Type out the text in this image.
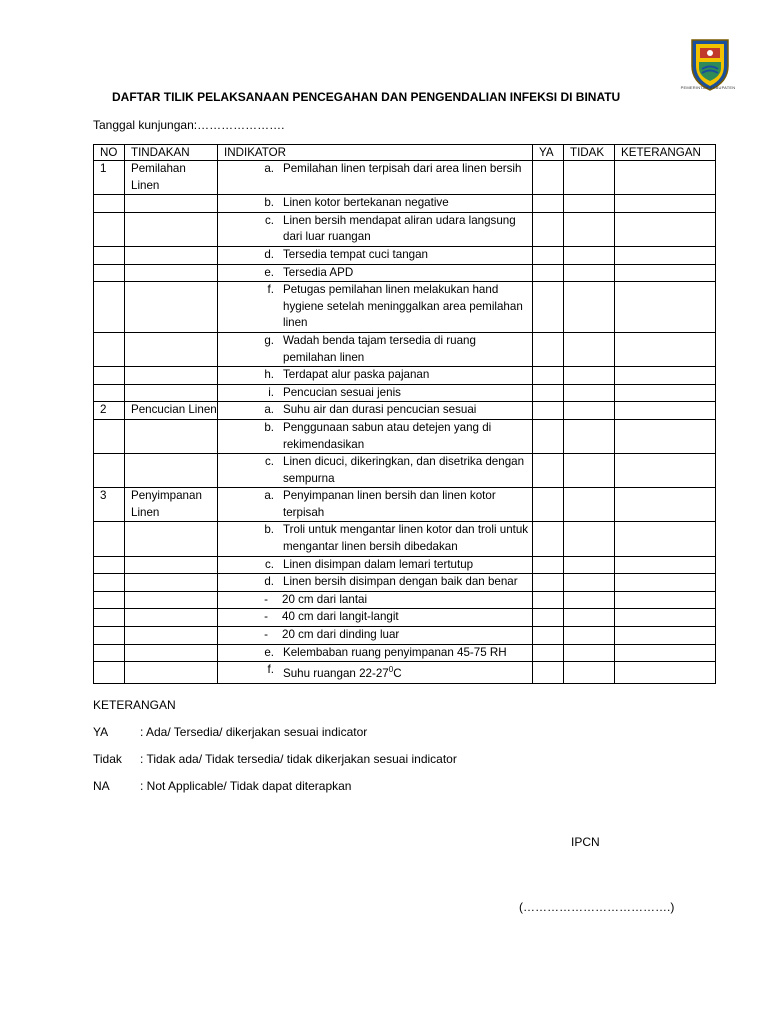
PEMERINTAH KABUPATEN
DAFTAR TILIK PELAKSANAAN PENCEGAHAN DAN PENGENDALIAN INFEKSI DI BINATU
Tanggal kunjungan:………………….
NO	TINDAKAN	INDIKATOR	YA	TIDAK	KETERANGAN
1	Pemilahan Linen	a. Pemilahan linen terpisah dari area linen bersih			

		b. Linen kotor bertekanan negative			

		c. Linen bersih mendapat aliran udara langsung dari luar ruangan			

		d. Tersedia tempat cuci tangan			

		e. Tersedia APD			

		f. Petugas pemilahan linen melakukan hand hygiene setelah meninggalkan area pemilahan linen			

		g. Wadah benda tajam tersedia di ruang pemilahan linen			

		h. Terdapat alur paska pajanan			

		i. Pencucian sesuai jenis			

2	Pencucian Linen	a. Suhu air dan durasi pencucian sesuai			

		b. Penggunaan sabun atau detejen yang di rekimendasikan			

		c. Linen dicuci, dikeringkan, dan disetrika dengan sempurna			

3	Penyimpanan Linen	a. Penyimpanan linen bersih dan linen kotor terpisah			

		b. Troli untuk mengantar linen kotor dan troli untuk mengantar linen bersih dibedakan			

		c. Linen disimpan dalam lemari tertutup			

		d. Linen bersih disimpan dengan baik dan benar			

		- 20 cm dari lantai			

		- 40 cm dari langit-langit			

		- 20 cm dari dinding luar			

		e. Kelembaban ruang penyimpanan 45-75 RH			

		f. Suhu ruangan $22-27^0C$			

KETERANGAN
YA	: Ada/ Tersedia/ dikerjakan sesuai indicator
Tidak : Tidak ada/ Tidak tersedia/ tidak dikerjakan sesuai indicator
NA	: Not Applicable/ Tidak dapat diterapkan
IPCN
(……………………………….)
